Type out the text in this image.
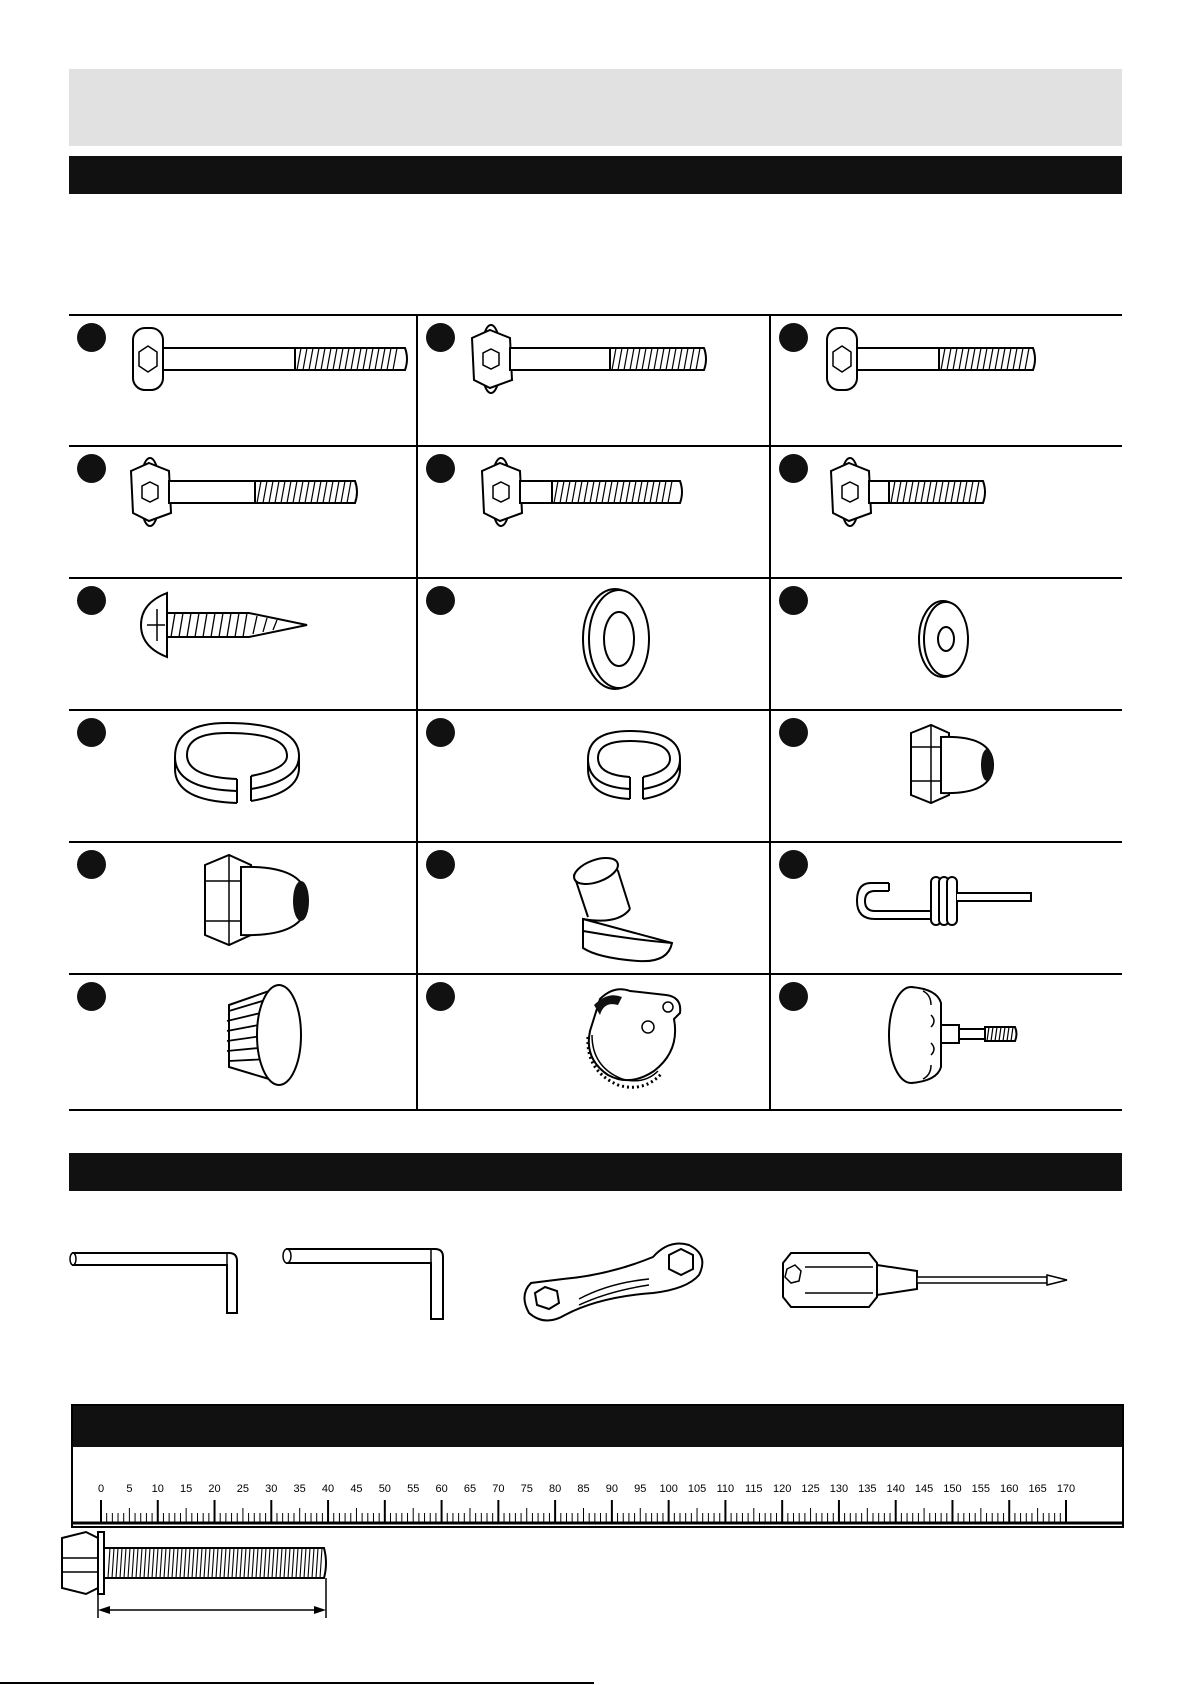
0 5 10 15 20 25 30 35 40 45 50 55 60 65 70 75 80 85 90 95 100 105 110 115 120 125 130 135 140 145 150 155 160 165 170
